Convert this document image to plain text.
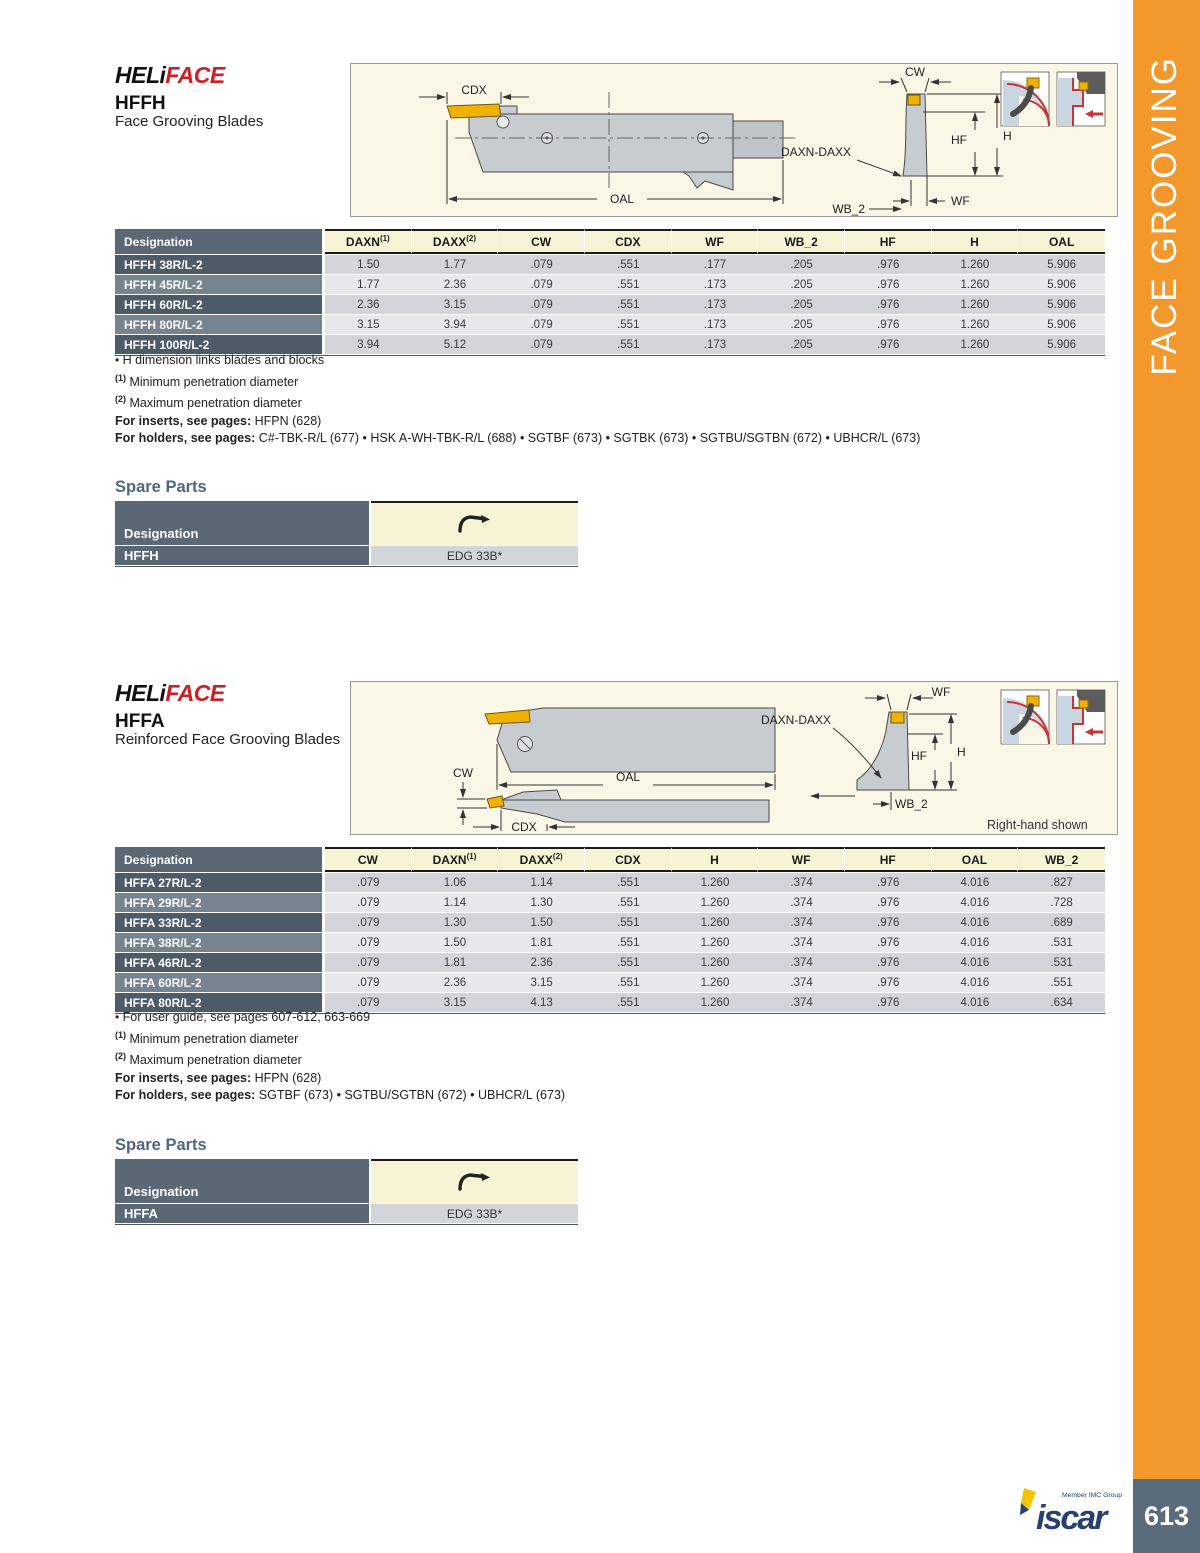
FACE GROOVING
613
HELiFACE
HFFH
Face Grooving Blades
CDX
OAL
CW
DAXN-DAXX
HF	H
WF
WB_2
Designation	DAXN$^{(1)}$	DAXX$^{(2)}$	CW	CDX	WF	WB_2	HF	H	OAL
HFFH 38R/L-2	1.50	1.77	.079	.551	.177	.205	.976	1.260	5.906
HFFH 45R/L-2	1.77	2.36	.079	.551	.173	.205	.976	1.260	5.906
HFFH 60R/L-2	2.36	3.15	.079	.551	.173	.205	.976	1.260	5.906
HFFH 80R/L-2	3.15	3.94	.079	.551	.173	.205	.976	1.260	5.906
HFFH 100R/L-2	3.94	5.12	.079	.551	.173	.205	.976	1.260	5.906
• H dimension links blades and blocks
$^{(1)}$ Minimum penetration diameter
$^{(2)}$ Maximum penetration diameter
For inserts, see pages: HFPN (628)
For holders, see pages: C#-TBK-R/L (677) • HSK A-WH-TBK-R/L (688) • SGTBF (673) • SGTBK (673) • SGTBU/SGTBN (672) • UBHCR/L (673)
Spare Parts
Designation	
HFFH	EDG 33B*
HELiFACE
HFFA
Reinforced Face Grooving Blades
OAL
CW
CDX
WF
DAXN-DAXX
HF	H
WB_2
Right-hand shown
Designation	CW	DAXN$^{(1)}$	DAXX$^{(2)}$	CDX	H	WF	HF	OAL	WB_2
HFFA 27R/L-2	.079	1.06	1.14	.551	1.260	.374	.976	4.016	.827
HFFA 29R/L-2	.079	1.14	1.30	.551	1.260	.374	.976	4.016	.728
HFFA 33R/L-2	.079	1.30	1.50	.551	1.260	.374	.976	4.016	.689
HFFA 38R/L-2	.079	1.50	1.81	.551	1.260	.374	.976	4.016	.531
HFFA 46R/L-2	.079	1.81	2.36	.551	1.260	.374	.976	4.016	.531
HFFA 60R/L-2	.079	2.36	3.15	.551	1.260	.374	.976	4.016	.551
HFFA 80R/L-2	.079	3.15	4.13	.551	1.260	.374	.976	4.016	.634
• For user guide, see pages 607-612, 663-669
$^{(1)}$ Minimum penetration diameter
$^{(2)}$ Maximum penetration diameter
For inserts, see pages: HFPN (628)
For holders, see pages: SGTBF (673) • SGTBU/SGTBN (672) • UBHCR/L (673)
Spare Parts
Designation	
HFFA	EDG 33B*
Member IMC Group
iscar
